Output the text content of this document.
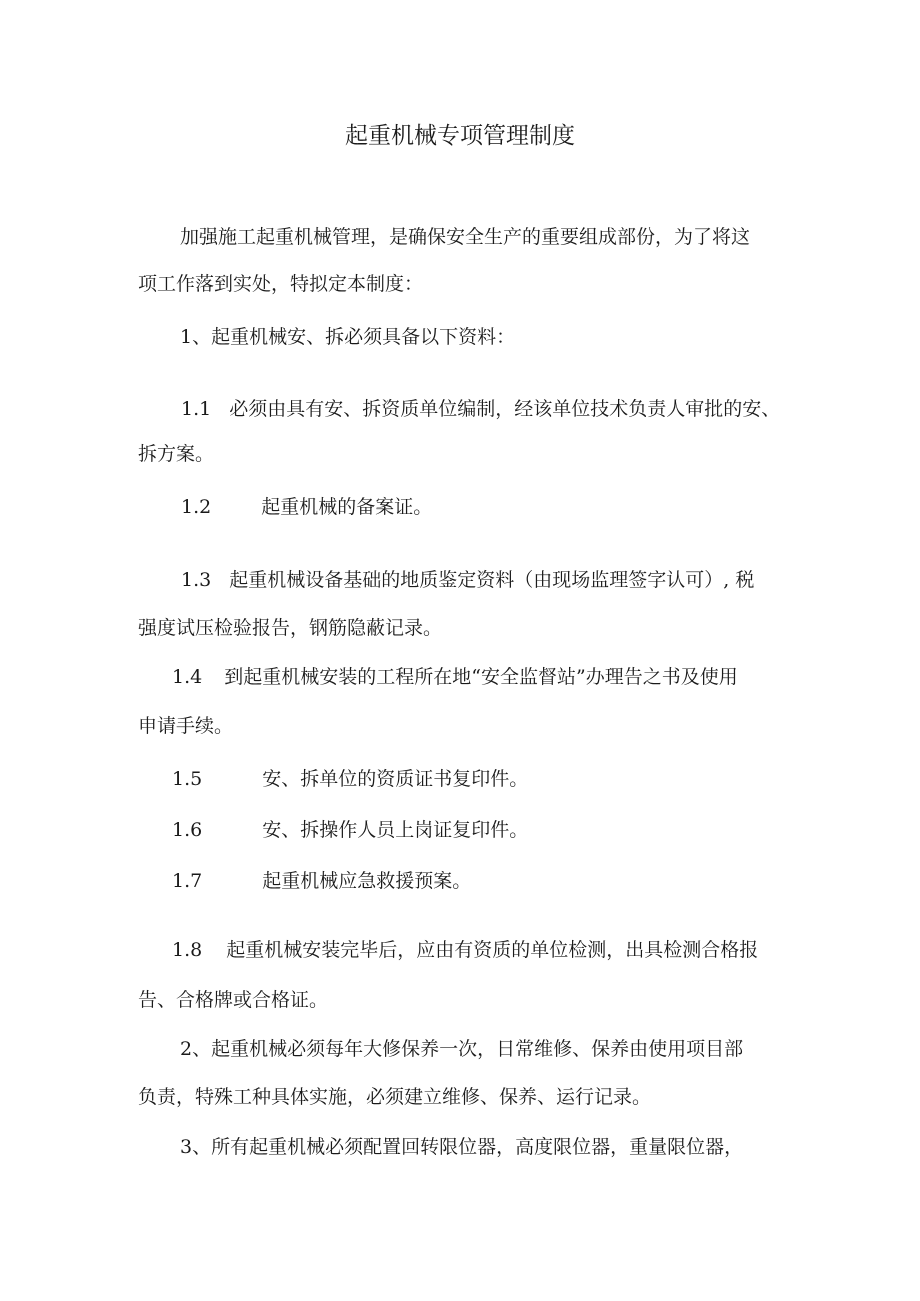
起重机械专项管理制度
加强施工起重机械管理，是确保安全生产的重要组成部份，为了将这
项工作落到实处，特拟定本制度：
1、起重机械安、拆必须具备以下资料：
1.1 必须由具有安、拆资质单位编制，经该单位技术负责人审批的安、
拆方案。
1.2	起重机械的备案证。
1.3 起重机械设备基础的地质鉴定资料（由现场监理签字认可）, 税
强度试压检验报告，钢筋隐蔽记录。
1.4 到起重机械安装的工程所在地“安全监督站”办理告之书及使用
申请手续。
1.5	安、拆单位的资质证书复印件。
1.6	安、拆操作人员上岗证复印件。
1.7	起重机械应急救援预案。
1.8 起重机械安装完毕后，应由有资质的单位检测，出具检测合格报
告、合格牌或合格证。
2、起重机械必须每年大修保养一次，日常维修、保养由使用项目部
负责，特殊工种具体实施，必须建立维修、保养、运行记录。
3、所有起重机械必须配置回转限位器，高度限位器，重量限位器，
